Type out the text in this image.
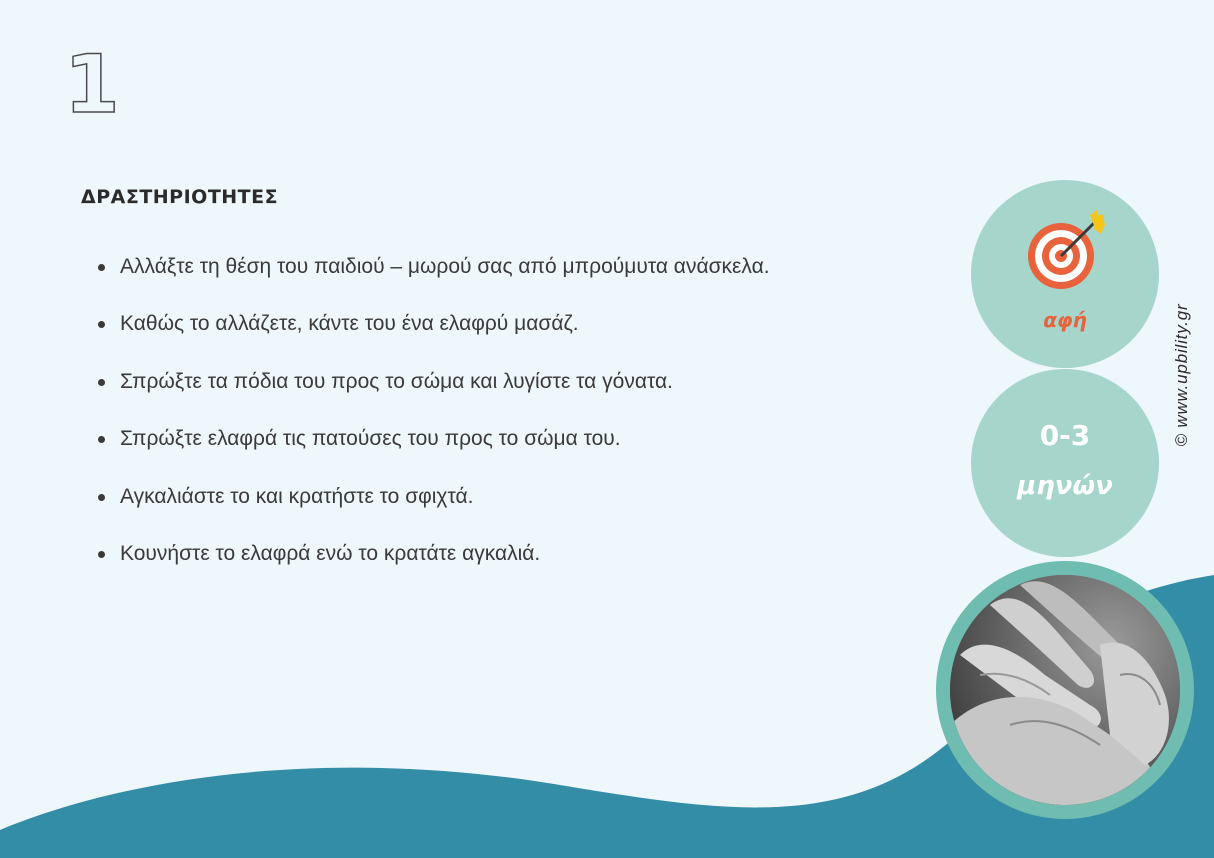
1
ΔΡΑΣΤΗΡΙΟΤΗΤΕΣ
Αλλάξτε τη θέση του παιδιού – μωρού σας από μπρούμυτα ανάσκελα.
Καθώς το αλλάζετε, κάντε του ένα ελαφρύ μασάζ.
Σπρώξτε τα πόδια του προς το σώμα και λυγίστε τα γόνατα.
Σπρώξτε ελαφρά τις πατούσες του προς το σώμα του.
Αγκαλιάστε το και κρατήστε το σφιχτά.
Κουνήστε το ελαφρά ενώ το κρατάτε αγκαλιά.
αφή
0-3
μηνών
© www.upbility.gr
